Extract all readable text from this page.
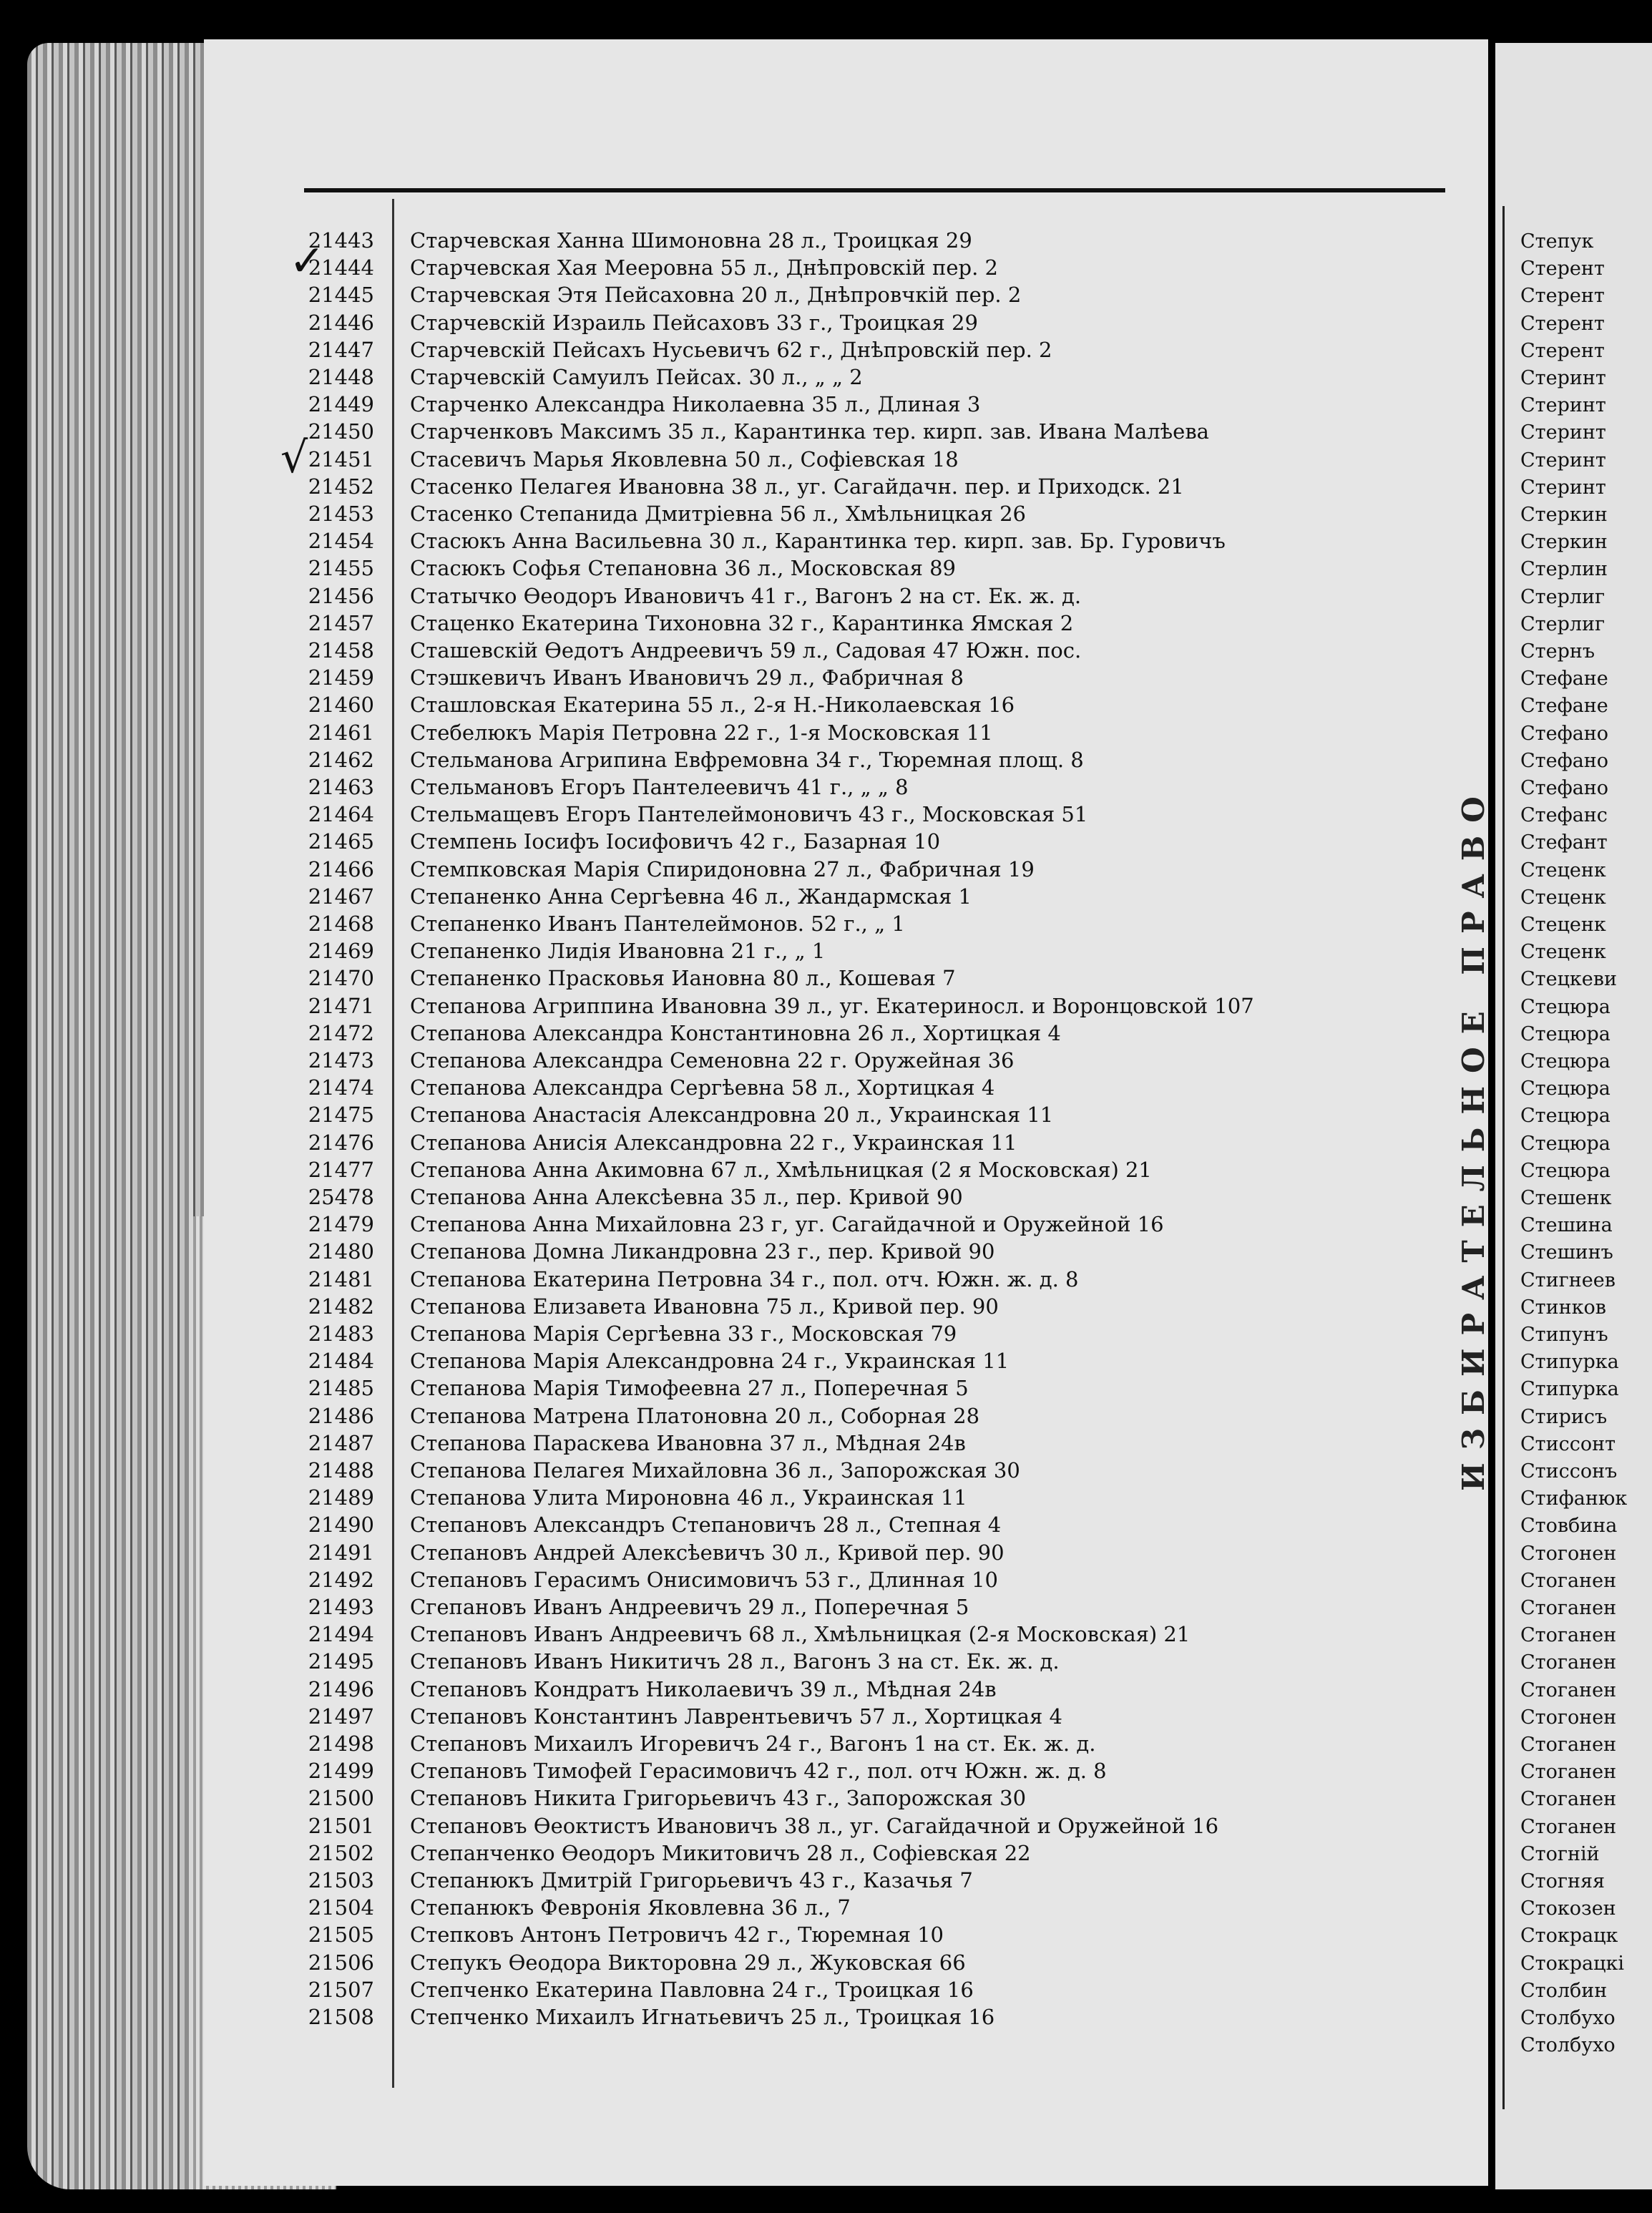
21443 Старчевская Ханна Шимоновна 28 л., Троицкая 29
21444 Старчевская Хая Мееровна 55 л., Днѣпровскій пер. 2
21445 Старчевская Этя Пейсаховна 20 л., Днѣпровчкій пер. 2
21446 Старчевскій Израиль Пейсаховъ 33 г., Троицкая 29
21447 Старчевскій Пейсахъ Нусьевичъ 62 г., Днѣпровскій пер. 2
21448 Старчевскій Самуилъ Пейсах. 30 л., „ „ 2
21449 Старченко Александра Николаевна 35 л., Длиная 3
21450 Старченковъ Максимъ 35 л., Карантинка тер. кирп. зав. Ивана Малѣева
21451 Стасевичъ Марья Яковлевна 50 л., Софіевская 18
21452 Стасенко Пелагея Ивановна 38 л., уг. Сагайдачн. пер. и Приходск. 21
21453 Стасенко Степанида Дмитріевна 56 л., Хмѣльницкая 26
21454 Стасюкъ Анна Васильевна 30 л., Карантинка тер. кирп. зав. Бр. Гуровичъ
21455 Стасюкъ Софья Степановна 36 л., Московская 89
21456 Статычко Ѳеодоръ Ивановичъ 41 г., Вагонъ 2 на ст. Ек. ж. д.
21457 Стаценко Екатерина Тихоновна 32 г., Карантинка Ямская 2
21458 Сташевскій Ѳедотъ Андреевичъ 59 л., Садовая 47 Южн. пос.
21459 Стэшкевичъ Иванъ Ивановичъ 29 л., Фабричная 8
21460 Сташловская Екатерина 55 л., 2-я Н.-Николаевская 16
21461 Стебелюкъ Марія Петровна 22 г., 1-я Московская 11
21462 Стельманова Агрипина Евфремовна 34 г., Тюремная площ. 8
21463 Стельмановъ Егоръ Пантелеевичъ 41 г., „ „ 8
21464 Стельмащевъ Егоръ Пантелеймоновичъ 43 г., Московская 51
21465 Стемпень Іосифъ Іосифовичъ 42 г., Базарная 10
21466 Стемпковская Марія Спиридоновна 27 л., Фабричная 19
21467 Степаненко Анна Сергѣевна 46 л., Жандармская 1
21468 Степаненко Иванъ Пантелеймонов. 52 г., „ 1
21469 Степаненко Лидія Ивановна 21 г., „ 1
21470 Степаненко Прасковья Иановна 80 л., Кошевая 7
21471 Степанова Агриппина Ивановна 39 л., уг. Екатериносл. и Воронцовской 107
21472 Степанова Александра Константиновна 26 л., Хортицкая 4
21473 Степанова Александра Семеновна 22 г. Оружейная 36
21474 Степанова Александра Сергѣевна 58 л., Хортицкая 4
21475 Степанова Анастасія Александровна 20 л., Украинская 11
21476 Степанова Анисія Александровна 22 г., Украинская 11
21477 Степанова Анна Акимовна 67 л., Хмѣльницкая (2 я Московская) 21
25478 Степанова Анна Алексѣевна 35 л., пер. Кривой 90
21479 Степанова Анна Михайловна 23 г, уг. Сагайдачной и Оружейной 16
21480 Степанова Домна Ликандровна 23 г., пер. Кривой 90
21481 Степанова Екатерина Петровна 34 г., пол. отч. Южн. ж. д. 8
21482 Степанова Елизавета Ивановна 75 л., Кривой пер. 90
21483 Степанова Марія Сергѣевна 33 г., Московская 79
21484 Степанова Марія Александровна 24 г., Украинская 11
21485 Степанова Марія Тимофеевна 27 л., Поперечная 5
21486 Степанова Матрена Платоновна 20 л., Соборная 28
21487 Степанова Параскева Ивановна 37 л., Мѣдная 24в
21488 Степанова Пелагея Михайловна 36 л., Запорожская 30
21489 Степанова Улита Мироновна 46 л., Украинская 11
21490 Степановъ Александръ Степановичъ 28 л., Степная 4
21491 Степановъ Андрей Алексѣевичъ 30 л., Кривой пер. 90
21492 Степановъ Герасимъ Онисимовичъ 53 г., Длинная 10
21493 Сгепановъ Иванъ Андреевичъ 29 л., Поперечная 5
21494 Степановъ Иванъ Андреевичъ 68 л., Хмѣльницкая (2-я Московская) 21
21495 Степановъ Иванъ Никитичъ 28 л., Вагонъ 3 на ст. Ек. ж. д.
21496 Степановъ Кондратъ Николаевичъ 39 л., Мѣдная 24в
21497 Степановъ Константинъ Лаврентьевичъ 57 л., Хортицкая 4
21498 Степановъ Михаилъ Игоревичъ 24 г., Вагонъ 1 на ст. Ек. ж. д.
21499 Степановъ Тимофей Герасимовичъ 42 г., пол. отч Южн. ж. д. 8
21500 Степановъ Никита Григорьевичъ 43 г., Запорожская 30
21501 Степановъ Ѳеоктистъ Ивановичъ 38 л., уг. Сагайдачной и Оружейной 16
21502 Степанченко Ѳеодоръ Микитовичъ 28 л., Софіевская 22
21503 Степанюкъ Дмитрій Григорьевичъ 43 г., Казачья 7
21504 Степанюкъ Февронія Яковлевна 36 л., 7
21505 Степковъ Антонъ Петровичъ 42 г., Тюремная 10
21506 Степукъ Ѳеодора Викторовна 29 л., Жуковская 66
21507 Степченко Екатерина Павловна 24 г., Троицкая 16
21508 Степченко Михаилъ Игнатьевичъ 25 л., Троицкая 16
ИЗБИРАТЕЛЬНОЕ ПРАВО
Степук
Стерент
Стерент
Стерент
Стерент
Стеринт
Стеринт
Стеринт
Стеринт
Стеринт
Стеркин
Стеркин
Стерлин
Стерлиг
Стерлиг
Стернъ
Стефане
Стефане
Стефано
Стефано
Стефано
Стефанс
Стефант
Стеценк
Стеценк
Стеценк
Стеценк
Стецкеви
Стецюра
Стецюра
Стецюра
Стецюра
Стецюра
Стецюра
Стецюра
Стешенк
Стешина
Стешинъ
Стигнеев
Стинков
Стипунъ
Стипурка
Стипурка
Стирисъ
Стиссонт
Стиссонъ
Стифанюк
Стовбина
Стогонен
Стоганен
Стоганен
Стоганен
Стоганен
Стоганен
Стогонен
Стоганен
Стоганен
Стоганен
Стоганен
Стогній
Стогняя
Стокозен
Стокрацк
Стокрацкі
Столбин
Столбухо
Столбухо
✓
√
